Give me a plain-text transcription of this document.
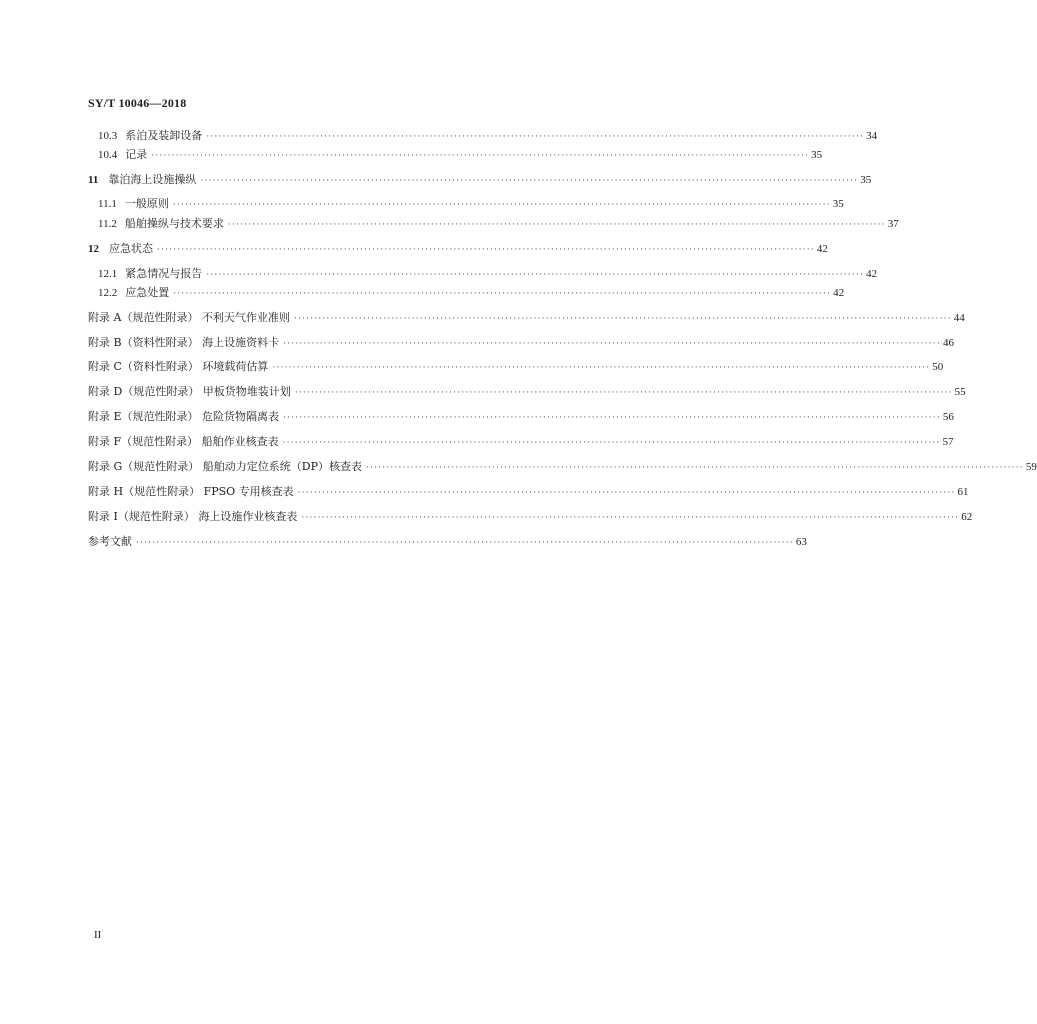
SY/T 10046—2018
10.3 系泊及装卸设备 ·································································································································································· 34
10.4 记录 ·································································································································································· 35
11 靠泊海上设施操纵 ·································································································································································· 35
11.1 一般原则 ·································································································································································· 35
11.2 船舶操纵与技术要求 ·································································································································································· 37
12 应急状态 ·································································································································································· 42
12.1 紧急情况与报告 ·································································································································································· 42
12.2 应急处置 ·································································································································································· 42
附录 A（规范性附录） 不利天气作业准则 ·································································································································································· 44
附录 B（资料性附录） 海上设施资料卡 ·································································································································································· 46
附录 C（资料性附录） 环境载荷估算 ·································································································································································· 50
附录 D（规范性附录） 甲板货物堆装计划 ·································································································································································· 55
附录 E（规范性附录） 危险货物隔离表 ·································································································································································· 56
附录 F（规范性附录） 船舶作业核查表 ·································································································································································· 57
附录 G（规范性附录） 船舶动力定位系统（DP）核查表 ·································································································································································· 59
附录 H（规范性附录） FPSO 专用核查表 ·································································································································································· 61
附录 I（规范性附录） 海上设施作业核查表 ·································································································································································· 62
参考文献 ·································································································································································· 63
II
